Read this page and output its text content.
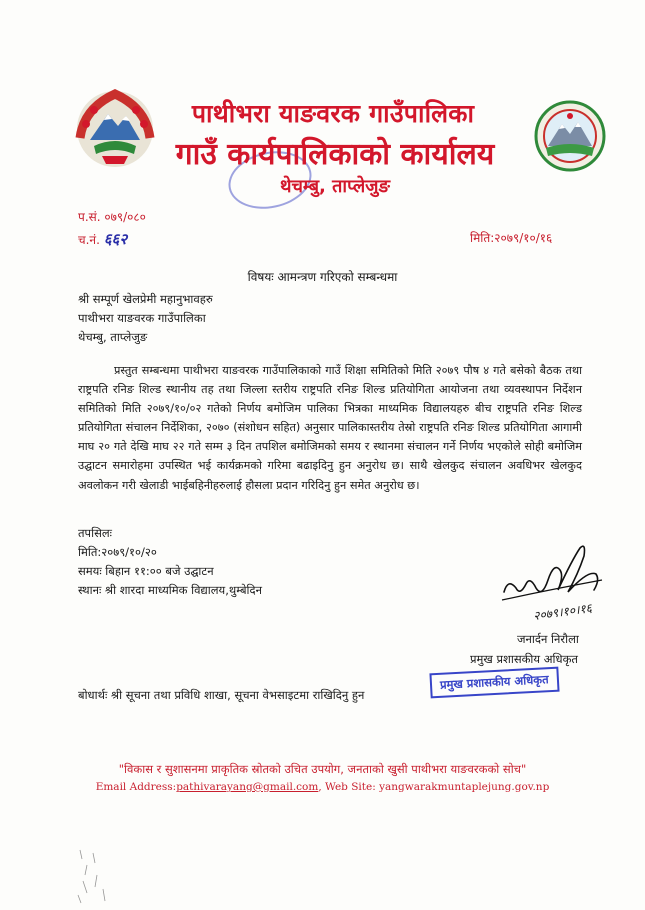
पाथीभरा याङवरक गाउँपालिका
गाउँ कार्यपालिकाको कार्यालय
थेचम्बु, ताप्लेजुङ
प.सं. ०७९/०८०
च.नं. ६६२	मिति:२०७९/१०/१६
विषयः आमन्त्रण गरिएको सम्बन्धमा
श्री सम्पूर्ण खेलप्रेमी महानुभावहरु
पाथीभरा याङवरक गाउँपालिका
थेचम्बु, ताप्लेजुङ
प्रस्तुत सम्बन्धमा पाथीभरा याङवरक गाउँपालिकाको गाउँ शिक्षा समितिको मिति २०७९ पौष ४ गते बसेको बैठक तथा राष्ट्रपति रनिङ शिल्ड स्थानीय तह तथा जिल्ला स्तरीय राष्ट्रपति रनिङ शिल्ड प्रतियोगिता आयोजना तथा व्यवस्थापन निर्देशन समितिको मिति २०७९/१०/०२ गतेको निर्णय बमोजिम पालिका भित्रका माध्यमिक विद्यालयहरु बीच राष्ट्रपति रनिङ शिल्ड प्रतियोगिता संचालन निर्देशिका, २०७० (संशोधन सहित) अनुसार पालिकास्तरीय तेस्रो राष्ट्रपति रनिङ शिल्ड प्रतियोगिता आगामी माघ २० गते देखि माघ २२ गते सम्म ३ दिन तपशिल बमोजिमको समय र स्थानमा संचालन गर्ने निर्णय भएकोले सोही बमोजिम उद्घाटन समारोहमा उपस्थित भई कार्यक्रमको गरिमा बढाइदिनु हुन अनुरोध छ। साथै खेलकुद संचालन अवधिभर खेलकुद अवलोकन गरी खेलाडी भाईबहिनीहरुलाई हौसला प्रदान गरिदिनु हुन समेत अनुरोध छ।
तपसिलः
मिति:२०७९/१०/२०
समयः बिहान ११:०० बजे उद्घाटन
स्थानः श्री शारदा माध्यमिक विद्यालय,थुम्बेदिन
२०७९।१०।१६
जनार्दन निरौला
प्रमुख प्रशासकीय अधिकृत
प्रमुख प्रशासकीय अधिकृत
बोधार्थः श्री सूचना तथा प्रविधि शाखा, सूचना वेभसाइटमा राखिदिनु हुन
"विकास र सुशासनमा प्राकृतिक स्रोतको उचित उपयोग, जनताको खुसी पाथीभरा याङवरकको सोच"
Email Address:pathivarayang@gmail.com, Web Site: yangwarakmuntaplejung.gov.np
